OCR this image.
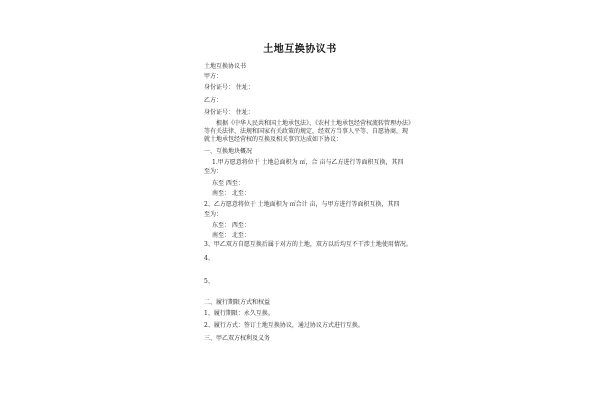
土地互换协议书
土地互换协议书
甲方：
身份证号： 住址：
乙方：
身份证号： 住址：
根据《中华人民共和国土地承包法》、《农村土地承包经营权流转管理办法》等有关法律、法规和国家有关政策的规定，经双方当事人平等、自愿协商，现就土地承包经营权的互换及相关事宜达成如下协议：
一、互换地块概况
1.甲方愿意将位于 土地总面积为 ㎡，合 亩与乙方进行等面积互换，其四
至为：
东至 西至：
南至： 北至：
2、乙方愿意将位于 土地面积为 ㎡合计 亩，与甲方进行等面积互换，其四
至为：
东至： 西至：
南至： 北至：
3、甲乙双方自愿互换后属于对方的土地，双方以后均互不干涉土地使用情况。
4、
5、
二、履行期限方式和权益
1、履行期限：永久互换。
2、履行方式：签订土地互换协议，通过协议方式进行互换。
三、甲乙双方权利及义务
